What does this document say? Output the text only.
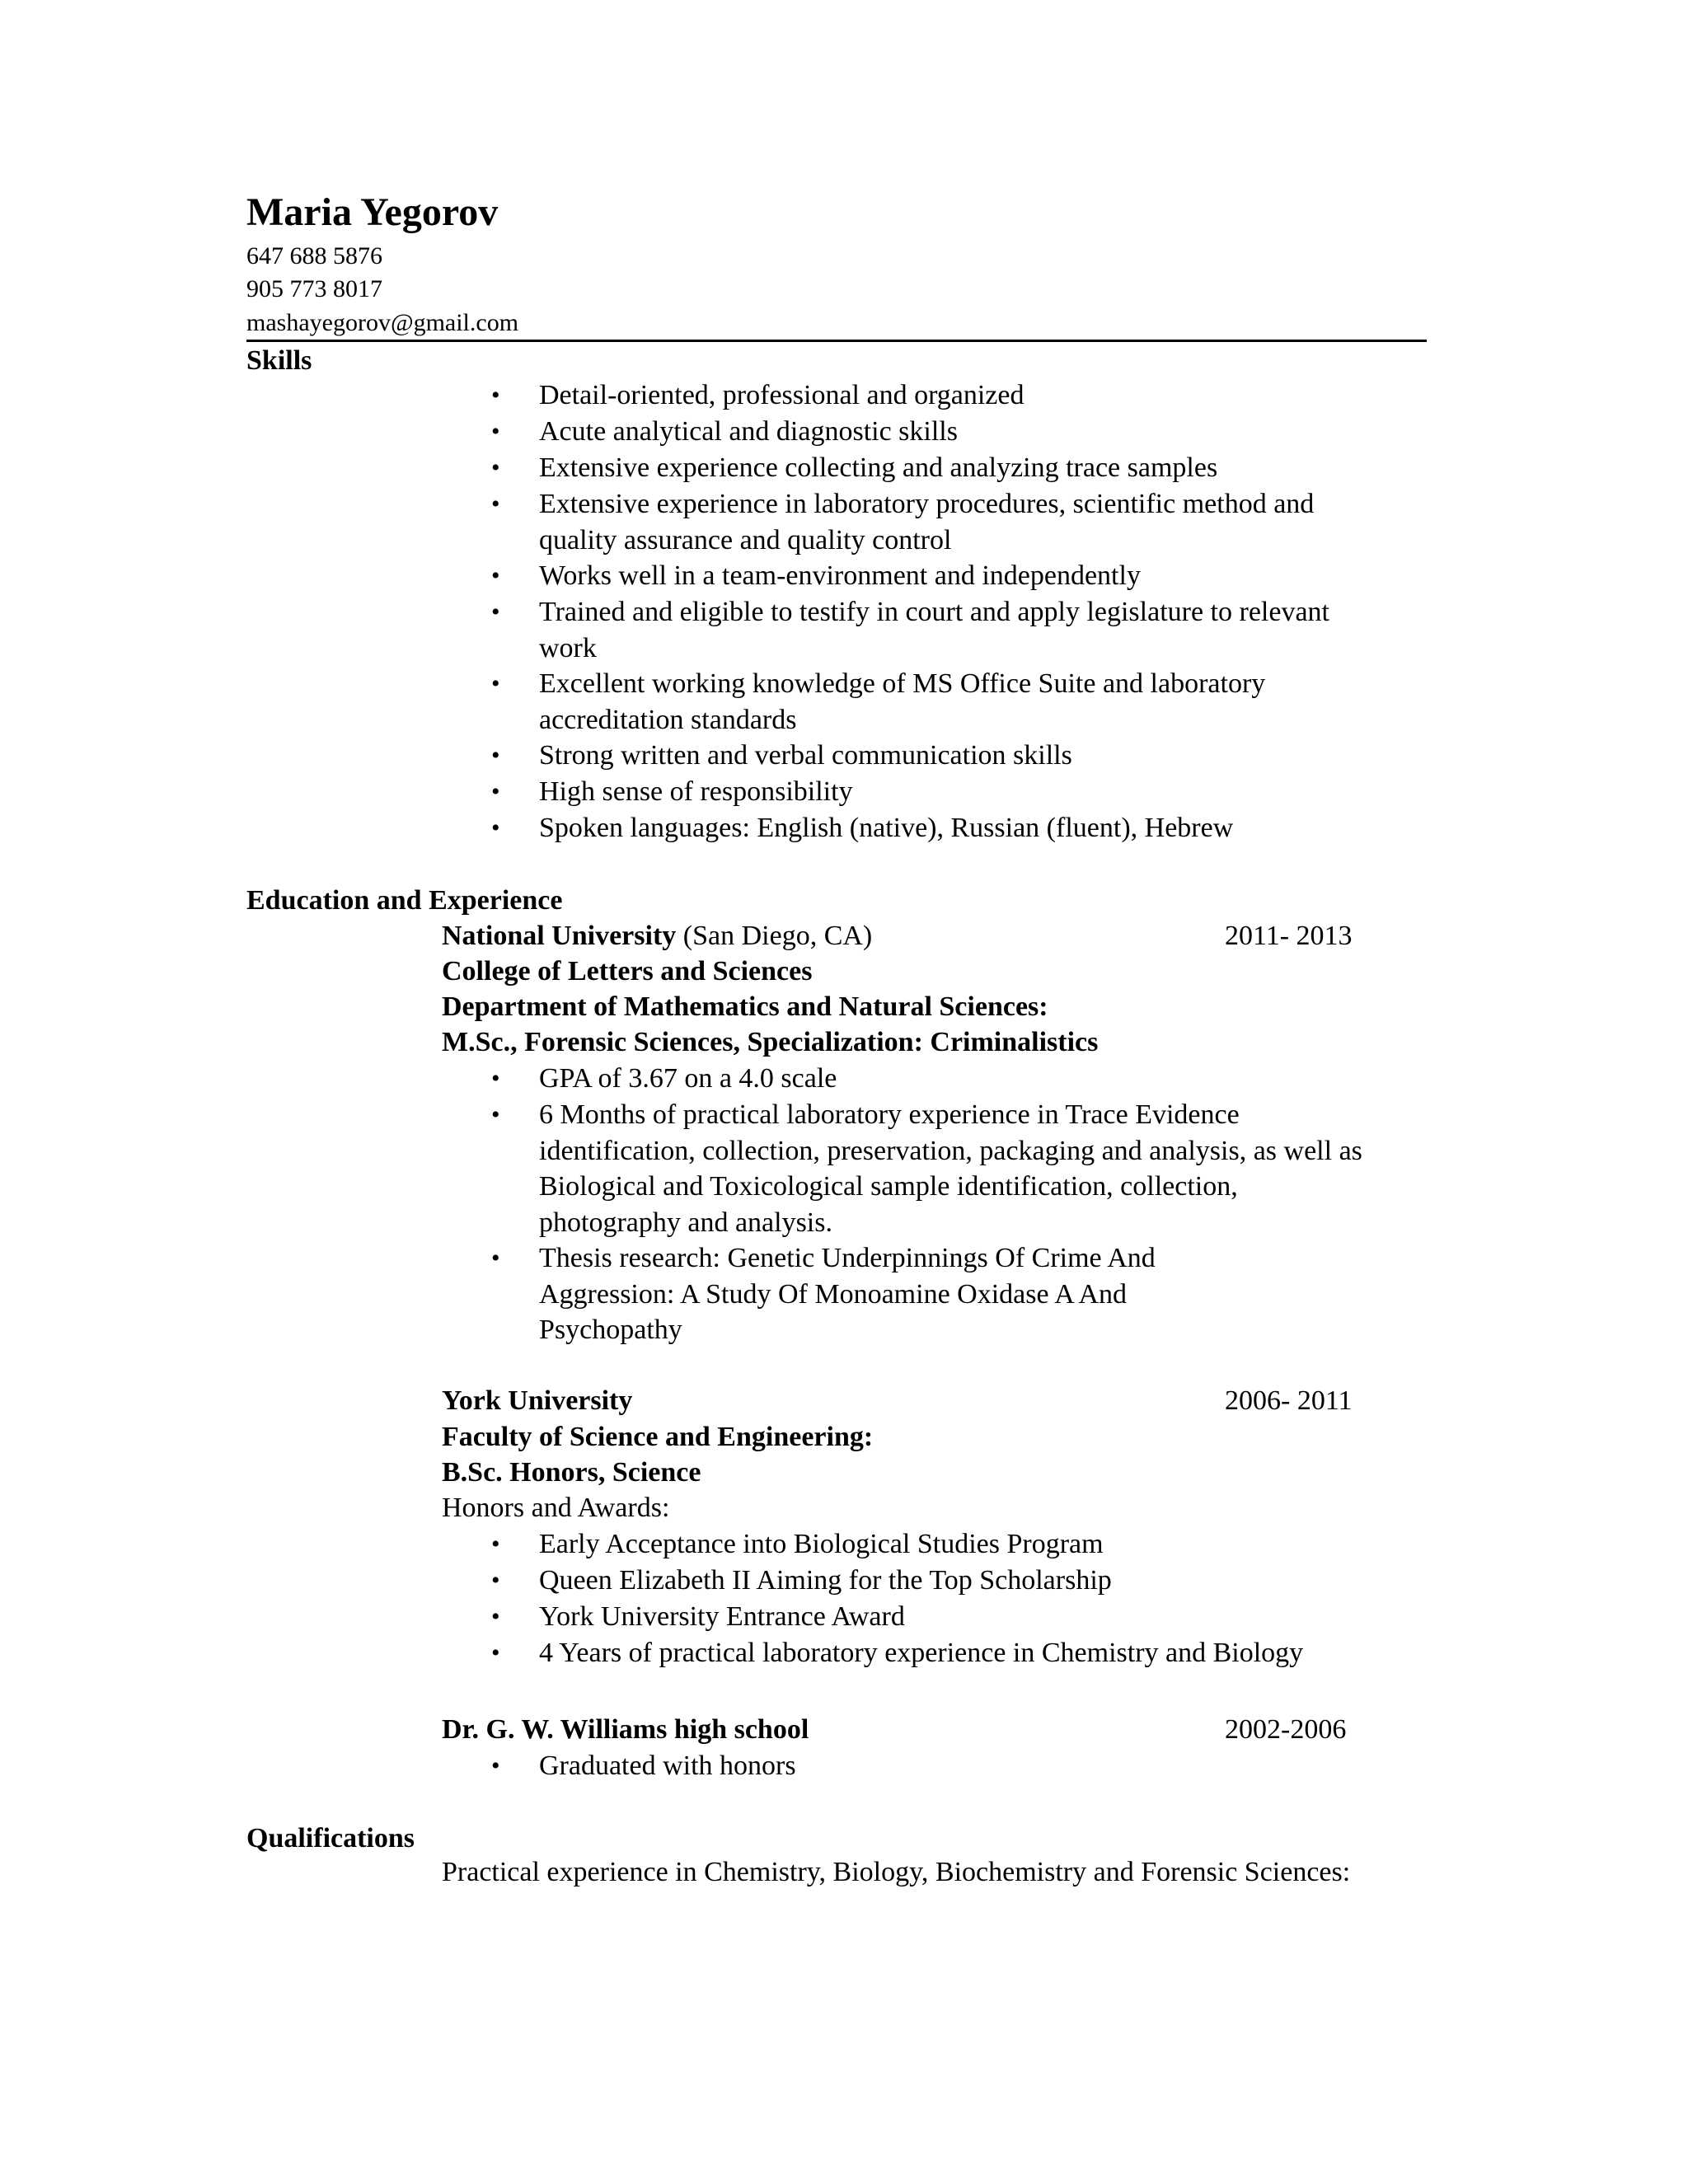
Maria Yegorov
647 688 5876
905 773 8017
mashayegorov@gmail.com
Skills
• Detail-oriented, professional and organized
• Acute analytical and diagnostic skills
• Extensive experience collecting and analyzing trace samples
• Extensive experience in laboratory procedures, scientific method and
quality assurance and quality control
• Works well in a team-environment and independently
• Trained and eligible to testify in court and apply legislature to relevant
work
• Excellent working knowledge of MS Office Suite and laboratory
accreditation standards
• Strong written and verbal communication skills
• High sense of responsibility
• Spoken languages: English (native), Russian (fluent), Hebrew
Education and Experience
National University (San Diego, CA)	2011- 2013
College of Letters and Sciences
Department of Mathematics and Natural Sciences:
M.Sc., Forensic Sciences, Specialization: Criminalistics
• GPA of 3.67 on a 4.0 scale
• 6 Months of practical laboratory experience in Trace Evidence
identification, collection, preservation, packaging and analysis, as well as
Biological and Toxicological sample identification, collection,
photography and analysis.
• Thesis research: Genetic Underpinnings Of Crime And
Aggression: A Study Of Monoamine Oxidase A And
Psychopathy
York University	2006- 2011
Faculty of Science and Engineering:
B.Sc. Honors, Science
Honors and Awards:
• Early Acceptance into Biological Studies Program
• Queen Elizabeth II Aiming for the Top Scholarship
• York University Entrance Award
• 4 Years of practical laboratory experience in Chemistry and Biology
Dr. G. W. Williams high school	2002-2006
• Graduated with honors
Qualifications
Practical experience in Chemistry, Biology, Biochemistry and Forensic Sciences:
